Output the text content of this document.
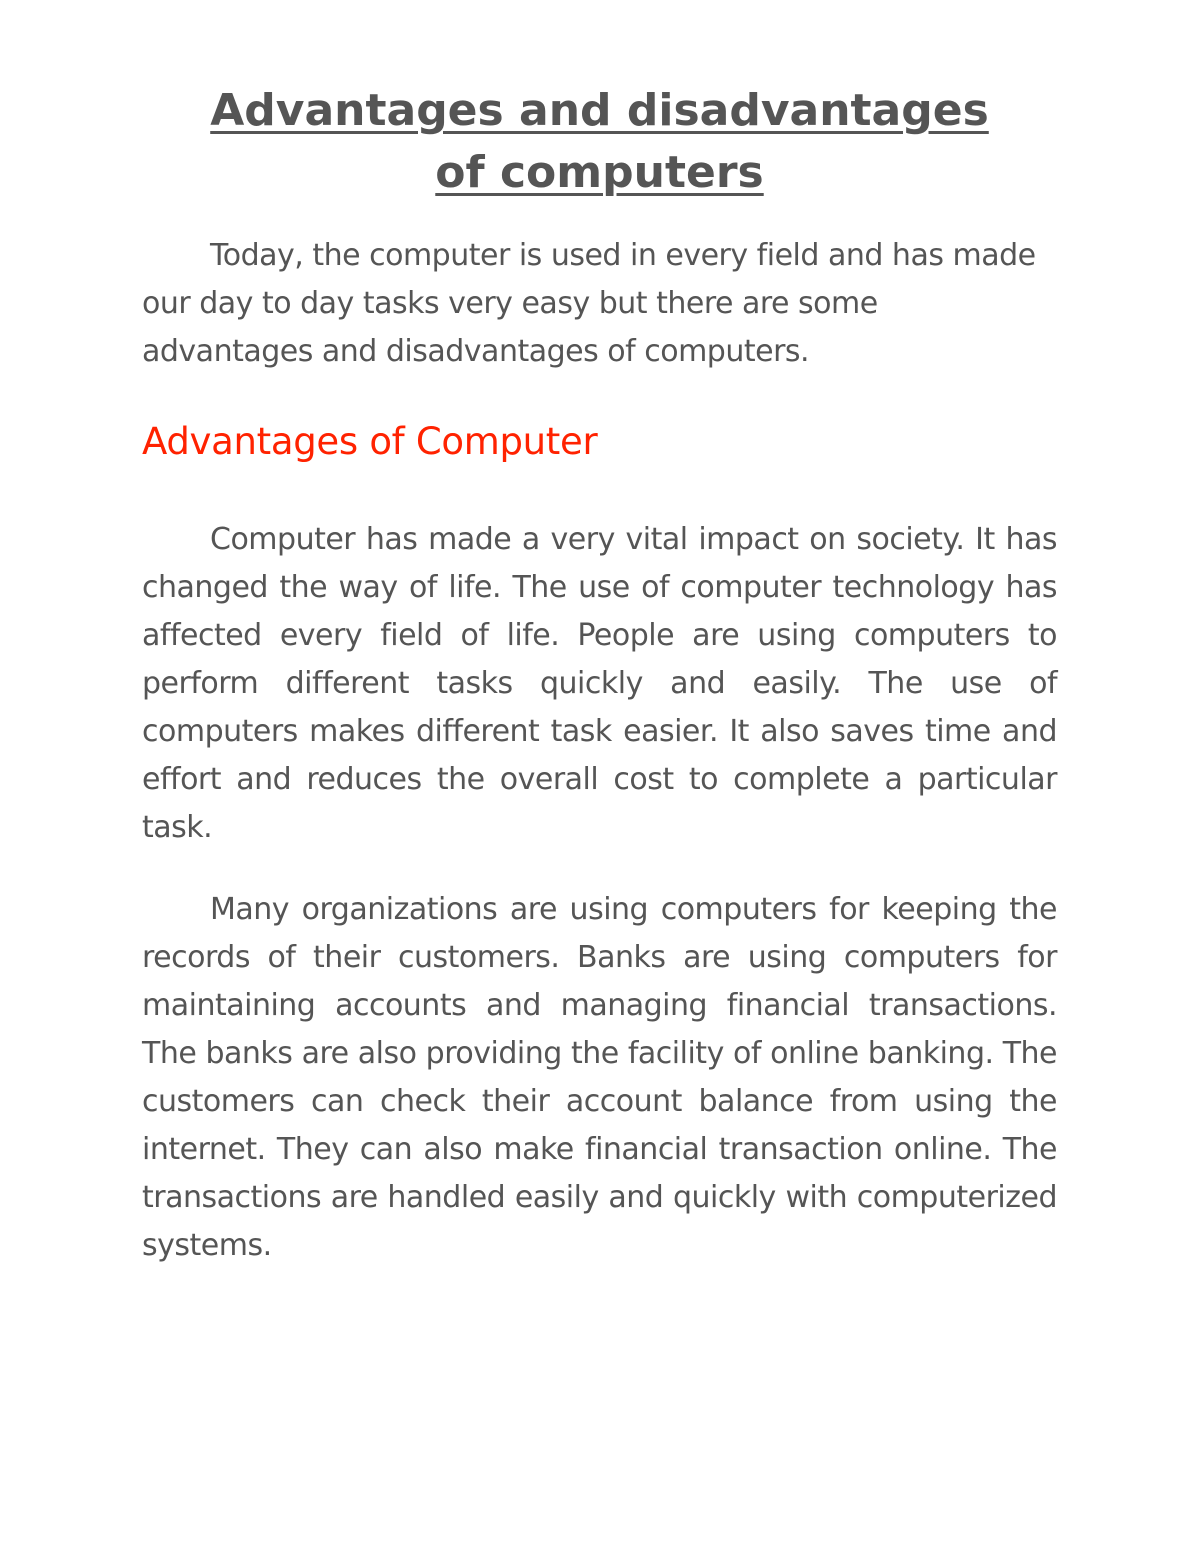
Advantages and disadvantages
of computers

Today, the computer is used in every field and has made our day to day tasks very easy but there are some advantages and disadvantages of computers.

Advantages of Computer

Computer has made a very vital impact on society. It has changed the way of life. The use of computer technology has affected every field of life. People are using computers to perform different tasks quickly and easily. The use of computers makes different task easier. It also saves time and effort and reduces the overall cost to complete a particular task.

Many organizations are using computers for keeping the records of their customers. Banks are using computers for maintaining accounts and managing financial transactions. The banks are also providing the facility of online banking. The customers can check their account balance from using the internet. They can also make financial transaction online. The transactions are handled easily and quickly with computerized systems.
